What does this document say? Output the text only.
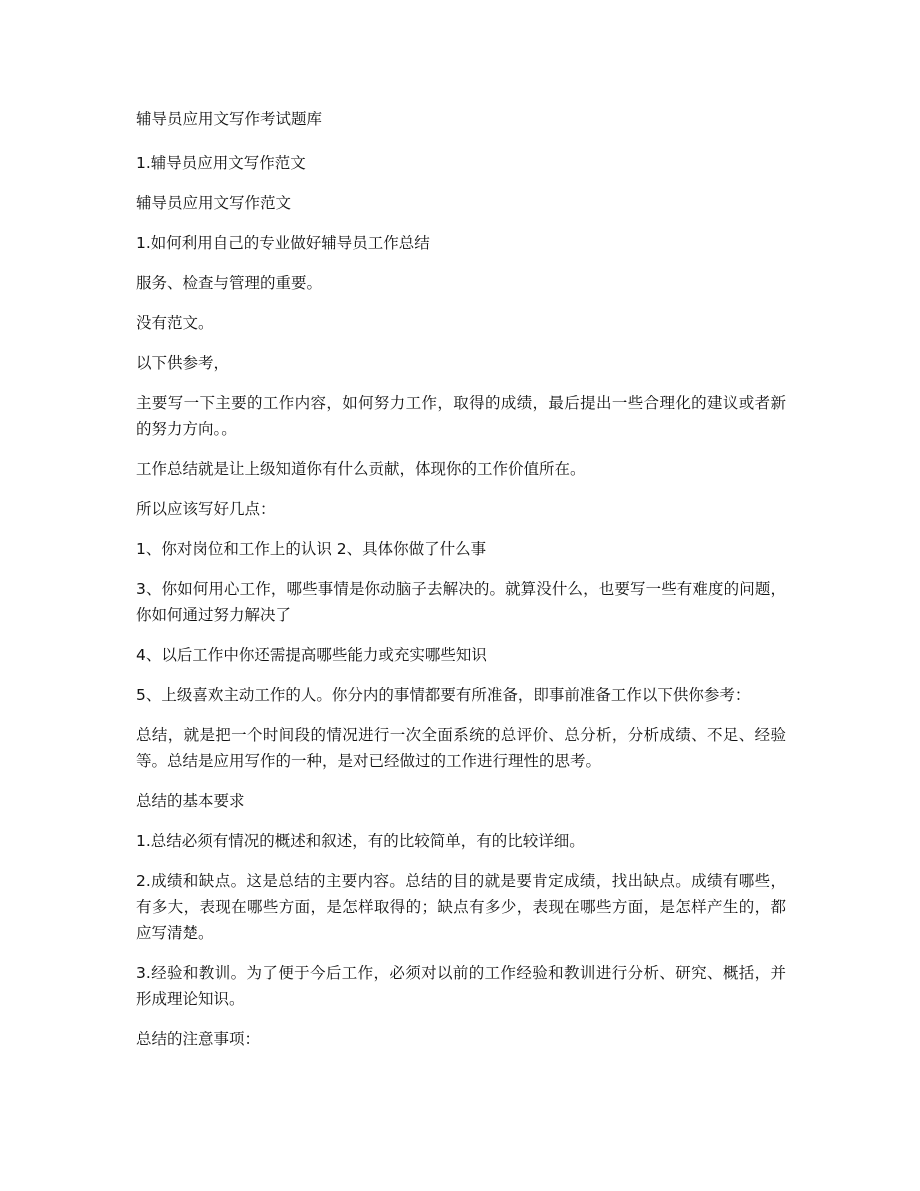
辅导员应用文写作考试题库

1.辅导员应用文写作范文

辅导员应用文写作范文

1.如何利用自己的专业做好辅导员工作总结

服务、检查与管理的重要。

没有范文。

以下供参考，

主要写一下主要的工作内容，如何努力工作，取得的成绩，最后提出一些合理化的建议或者新的努力方向。。

工作总结就是让上级知道你有什么贡献，体现你的工作价值所在。

所以应该写好几点：

1、你对岗位和工作上的认识 2、具体你做了什么事

3、你如何用心工作，哪些事情是你动脑子去解决的。就算没什么，也要写一些有难度的问题，你如何通过努力解决了

4、以后工作中你还需提高哪些能力或充实哪些知识

5、上级喜欢主动工作的人。你分内的事情都要有所准备，即事前准备工作以下供你参考：

总结，就是把一个时间段的情况进行一次全面系统的总评价、总分析，分析成绩、不足、经验等。总结是应用写作的一种，是对已经做过的工作进行理性的思考。

总结的基本要求

1.总结必须有情况的概述和叙述，有的比较简单，有的比较详细。

2.成绩和缺点。这是总结的主要内容。总结的目的就是要肯定成绩，找出缺点。成绩有哪些，有多大，表现在哪些方面，是怎样取得的；缺点有多少，表现在哪些方面，是怎样产生的，都应写清楚。

3.经验和教训。为了便于今后工作，必须对以前的工作经验和教训进行分析、研究、概括，并形成理论知识。

总结的注意事项：
